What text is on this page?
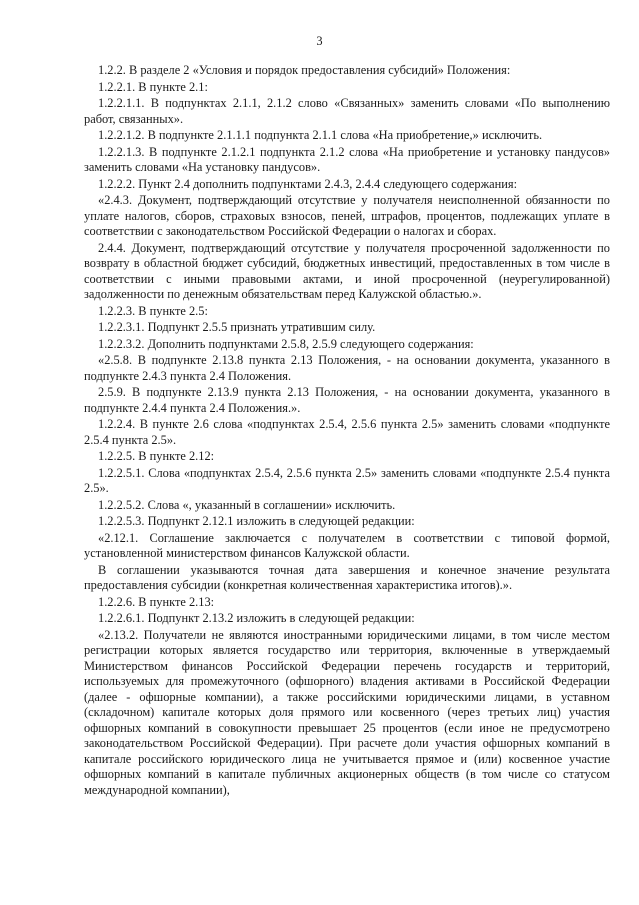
3

1.2.2. В разделе 2 «Условия и порядок предоставления субсидий» Положения:

1.2.2.1. В пункте 2.1:

1.2.2.1.1. В подпунктах 2.1.1, 2.1.2 слово «Связанных» заменить словами «По выполнению работ, связанных».

1.2.2.1.2. В подпункте 2.1.1.1 подпункта 2.1.1 слова «На приобретение,» исключить.

1.2.2.1.3. В подпункте 2.1.2.1 подпункта 2.1.2 слова «На приобретение и установку пандусов» заменить словами «На установку пандусов».

1.2.2.2. Пункт 2.4 дополнить подпунктами 2.4.3, 2.4.4 следующего содержания:

«2.4.3. Документ, подтверждающий отсутствие у получателя неисполненной обязанности по уплате налогов, сборов, страховых взносов, пеней, штрафов, процентов, подлежащих уплате в соответствии с законодательством Российской Федерации о налогах и сборах.

2.4.4. Документ, подтверждающий отсутствие у получателя просроченной задолженности по возврату в областной бюджет субсидий, бюджетных инвестиций, предоставленных в том числе в соответствии с иными правовыми актами, и иной просроченной (неурегулированной) задолженности по денежным обязательствам перед Калужской областью.».

1.2.2.3. В пункте 2.5:

1.2.2.3.1. Подпункт 2.5.5 признать утратившим силу.

1.2.2.3.2. Дополнить подпунктами 2.5.8, 2.5.9 следующего содержания:

«2.5.8. В подпункте 2.13.8 пункта 2.13 Положения, - на основании документа, указанного в подпункте 2.4.3 пункта 2.4 Положения.

2.5.9. В подпункте 2.13.9 пункта 2.13 Положения, - на основании документа, указанного в подпункте 2.4.4 пункта 2.4 Положения.».

1.2.2.4. В пункте 2.6 слова «подпунктах 2.5.4, 2.5.6 пункта 2.5» заменить словами «подпункте 2.5.4 пункта 2.5».

1.2.2.5. В пункте 2.12:

1.2.2.5.1. Слова «подпунктах 2.5.4, 2.5.6 пункта 2.5» заменить словами «подпункте 2.5.4 пункта 2.5».

1.2.2.5.2. Слова «, указанный в соглашении» исключить.

1.2.2.5.3. Подпункт 2.12.1 изложить в следующей редакции:

«2.12.1. Соглашение заключается с получателем в соответствии с типовой формой, установленной министерством финансов Калужской области.

В соглашении указываются точная дата завершения и конечное значение результата предоставления субсидии (конкретная количественная характеристика итогов).».

1.2.2.6. В пункте 2.13:

1.2.2.6.1. Подпункт 2.13.2 изложить в следующей редакции:

«2.13.2. Получатели не являются иностранными юридическими лицами, в том числе местом регистрации которых является государство или территория, включенные в утверждаемый Министерством финансов Российской Федерации перечень государств и территорий, используемых для промежуточного (офшорного) владения активами в Российской Федерации (далее - офшорные компании), а также российскими юридическими лицами, в уставном (складочном) капитале которых доля прямого или косвенного (через третьих лиц) участия офшорных компаний в совокупности превышает 25 процентов (если иное не предусмотрено законодательством Российской Федерации). При расчете доли участия офшорных компаний в капитале российского юридического лица не учитывается прямое и (или) косвенное участие офшорных компаний в капитале публичных акционерных обществ (в том числе со статусом международной компании),
